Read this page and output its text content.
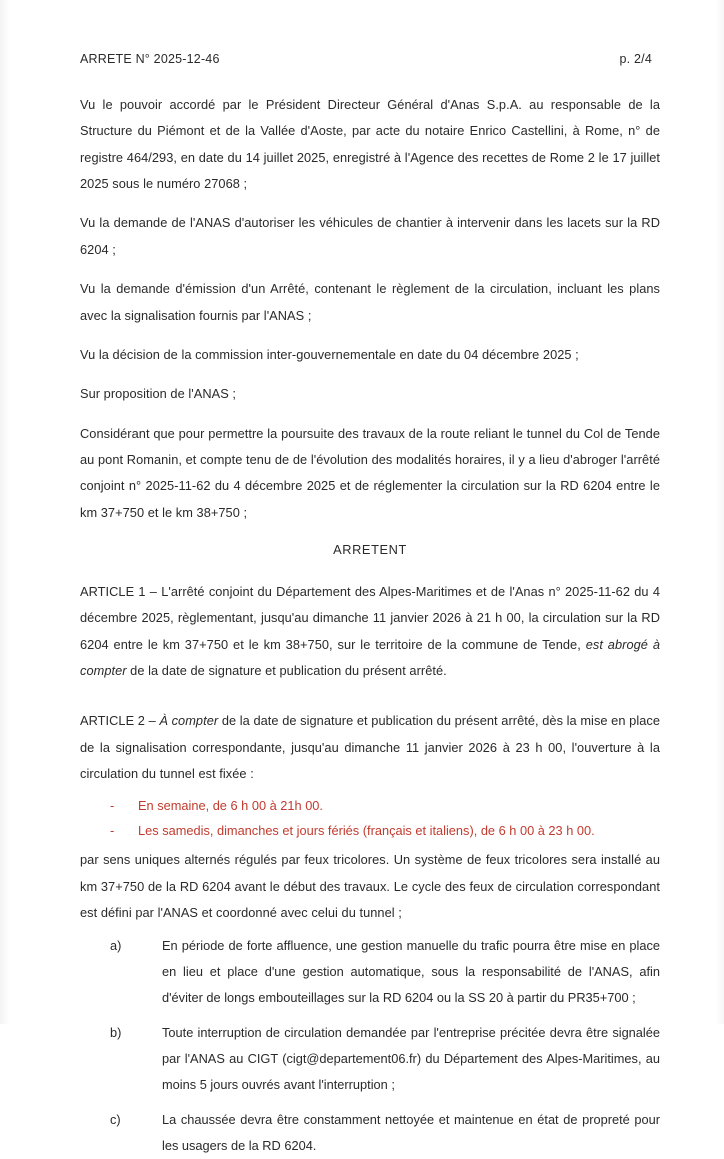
ARRETE N° 2025-12-46	p. 2/4

Vu le pouvoir accordé par le Président Directeur Général d'Anas S.p.A. au responsable de la Structure du Piémont et de la Vallée d'Aoste, par acte du notaire Enrico Castellini, à Rome, n° de registre 464/293, en date du 14 juillet 2025, enregistré à l'Agence des recettes de Rome 2 le 17 juillet 2025 sous le numéro 27068 ;

Vu la demande de l'ANAS d'autoriser les véhicules de chantier à intervenir dans les lacets sur la RD 6204 ;

Vu la demande d'émission d'un Arrêté, contenant le règlement de la circulation, incluant les plans avec la signalisation fournis par l'ANAS ;

Vu la décision de la commission inter-gouvernementale en date du 04 décembre 2025 ;

Sur proposition de l'ANAS ;

Considérant que pour permettre la poursuite des travaux de la route reliant le tunnel du Col de Tende au pont Romanin, et compte tenu de de l'évolution des modalités horaires, il y a lieu d'abroger l'arrêté conjoint n° 2025-11-62 du 4 décembre 2025 et de réglementer la circulation sur la RD 6204 entre le km 37+750 et le km 38+750 ;

ARRETENT

ARTICLE 1 – L'arrêté conjoint du Département des Alpes-Maritimes et de l'Anas n° 2025-11-62 du 4 décembre 2025, règlementant, jusqu'au dimanche 11 janvier 2026 à 21 h 00, la circulation sur la RD 6204 entre le km 37+750 et le km 38+750, sur le territoire de la commune de Tende, est abrogé à compter de la date de signature et publication du présent arrêté.

ARTICLE 2 – À compter de la date de signature et publication du présent arrêté, dès la mise en place de la signalisation correspondante, jusqu'au dimanche 11 janvier 2026 à 23 h 00, l'ouverture à la circulation du tunnel est fixée :

- En semaine, de 6 h 00 à 21h 00.
- Les samedis, dimanches et jours fériés (français et italiens), de 6 h 00 à 23 h 00.

par sens uniques alternés régulés par feux tricolores. Un système de feux tricolores sera installé au km 37+750 de la RD 6204 avant le début des travaux. Le cycle des feux de circulation correspondant est défini par l'ANAS et coordonné avec celui du tunnel ;

a)	En période de forte affluence, une gestion manuelle du trafic pourra être mise en place en lieu et place d'une gestion automatique, sous la responsabilité de l'ANAS, afin d'éviter de longs embouteillages sur la RD 6204 ou la SS 20 à partir du PR35+700 ;
b)	Toute interruption de circulation demandée par l'entreprise précitée devra être signalée par l'ANAS au CIGT (cigt@departement06.fr) du Département des Alpes-Maritimes, au moins 5 jours ouvrés avant l'interruption ;
c)	La chaussée devra être constamment nettoyée et maintenue en état de propreté pour les usagers de la RD 6204.
